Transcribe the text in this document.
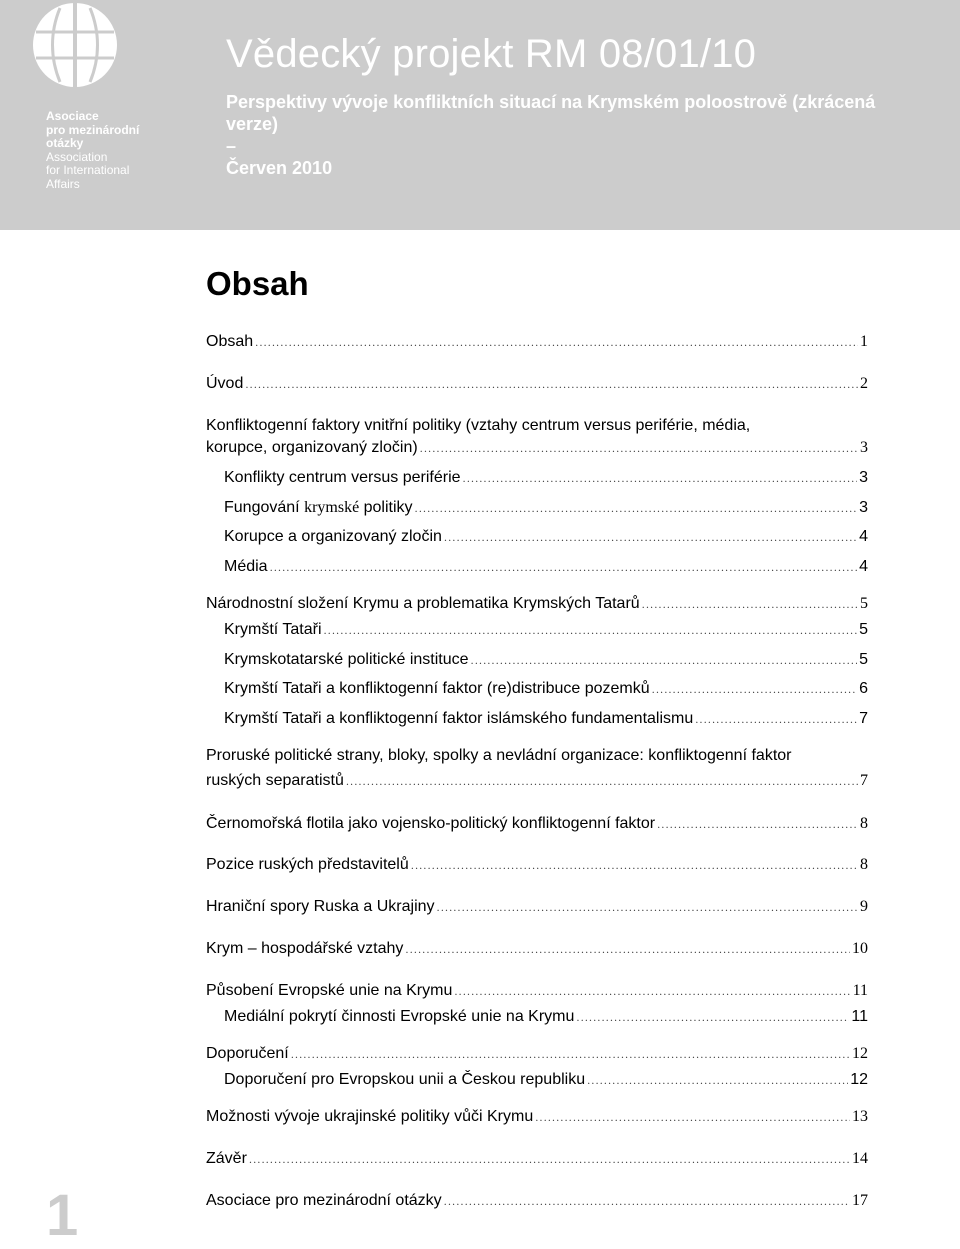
Asociace
pro mezinárodní
otázky
Association
for International
Affairs
Vědecký projekt RM 08/01/10
Perspektivy vývoje konfliktních situací na Krymském poloostrově (zkrácená verze)
–
Červen 2010
Obsah
Obsah .....	1
Úvod .....	2
Konfliktogenní faktory vnitřní politiky (vztahy centrum versus periférie, média,
korupce, organizovaný zločin) .....	3
Konflikty centrum versus periférie .....	3
Fungování krymské politiky .....	3
Korupce a organizovaný zločin .....	4
Média .....	4
Národnostní složení Krymu a problematika Krymských Tatarů .....	5
Krymští Tataři .....	5
Krymskotatarské politické instituce .....	5
Krymští Tataři a konfliktogenní faktor (re)distribuce pozemků .....	6
Krymští Tataři a konfliktogenní faktor islámského fundamentalismu .....	7
Proruské politické strany, bloky, spolky a nevládní organizace: konfliktogenní faktor
ruských separatistů .....	7
Černomořská flotila jako vojensko-politický konfliktogenní faktor .....	8
Pozice ruských představitelů .....	8
Hraniční spory Ruska a Ukrajiny .....	9
Krym – hospodářské vztahy .....	10
Působení Evropské unie na Krymu .....	11
Mediální pokrytí činnosti Evropské unie na Krymu .....	11
Doporučení .....	12
Doporučení pro Evropskou unii a Českou republiku .....	12
Možnosti vývoje ukrajinské politiky vůči Krymu .....	13
Závěr .....	14
Asociace pro mezinárodní otázky .....	17
1
